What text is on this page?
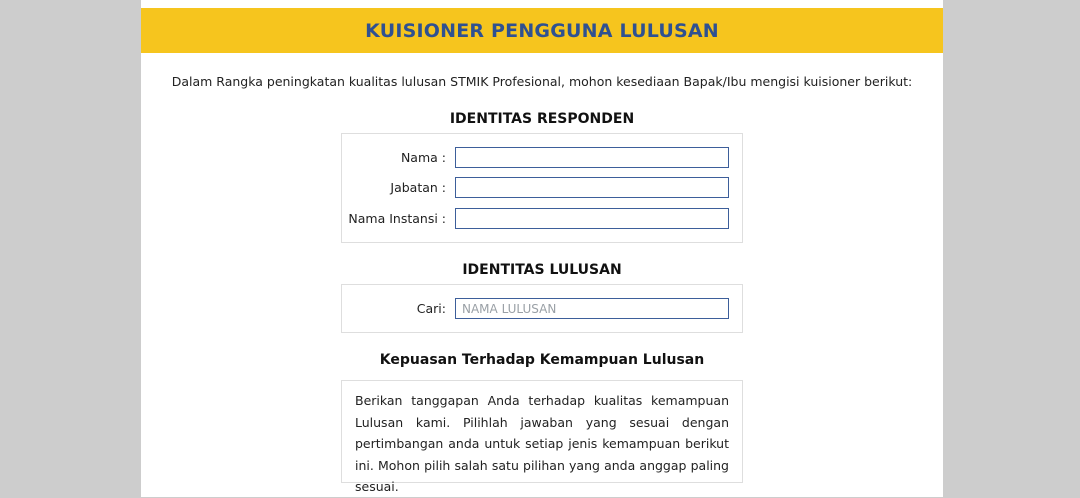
KUISIONER PENGGUNA LULUSAN
Dalam Rangka peningkatan kualitas lulusan STMIK Profesional, mohon kesediaan Bapak/Ibu mengisi kuisioner berikut:
IDENTITAS RESPONDEN
Nama :
Jabatan :
Nama Instansi :
IDENTITAS LULUSAN
Cari:
NAMA LULUSAN
Kepuasan Terhadap Kemampuan Lulusan
Berikan tanggapan Anda terhadap kualitas kemampuan Lulusan kami. Pilihlah jawaban yang sesuai dengan pertimbangan anda untuk setiap jenis kemampuan berikut ini. Mohon pilih salah satu pilihan yang anda anggap paling sesuai.
